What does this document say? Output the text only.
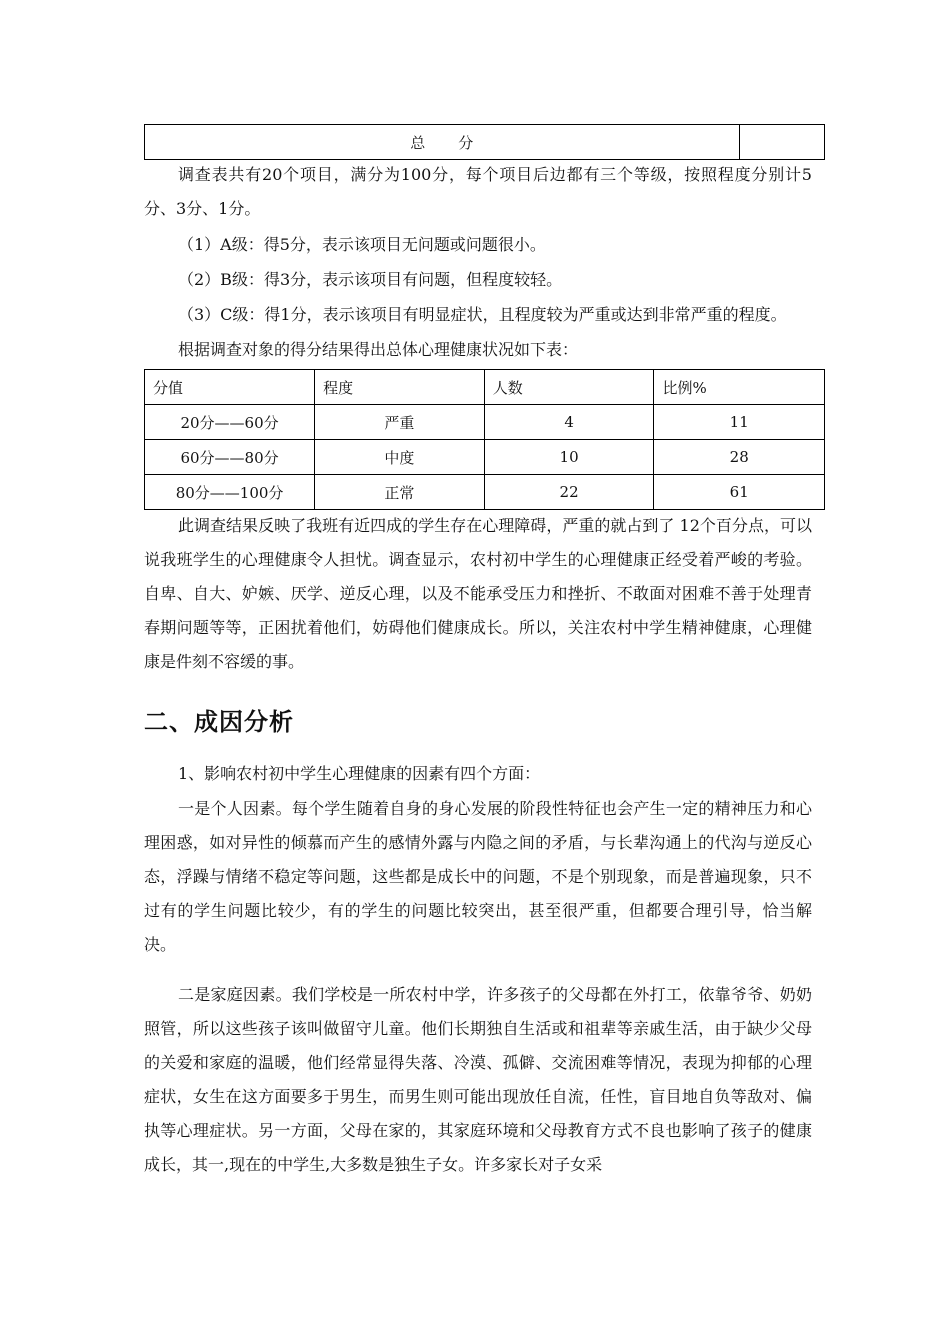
总　　分	

调查表共有20个项目，满分为100分，每个项目后边都有三个等级，按照程度分别计5分、3分、1分。

（1）A级：得5分，表示该项目无问题或问题很小。

（2）B级：得3分，表示该项目有问题，但程度较轻。

（3）C级：得1分，表示该项目有明显症状，且程度较为严重或达到非常严重的程度。

根据调查对象的得分结果得出总体心理健康状况如下表：

分值	程度	人数	比例%
20分——60分	严重	4	11
60分——80分	中度	10	28
80分——100分	正常	22	61

此调查结果反映了我班有近四成的学生存在心理障碍，严重的就占到了 12个百分点，可以说我班学生的心理健康令人担忧。调查显示，农村初中学生的心理健康正经受着严峻的考验。自卑、自大、妒嫉、厌学、逆反心理，以及不能承受压力和挫折、不敢面对困难不善于处理青春期问题等等，正困扰着他们，妨碍他们健康成长。所以，关注农村中学生精神健康，心理健康是件刻不容缓的事。

二、成因分析

1、影响农村初中学生心理健康的因素有四个方面：

一是个人因素。每个学生随着自身的身心发展的阶段性特征也会产生一定的精神压力和心理困惑，如对异性的倾慕而产生的感情外露与内隐之间的矛盾，与长辈沟通上的代沟与逆反心态，浮躁与情绪不稳定等问题，这些都是成长中的问题，不是个别现象，而是普遍现象，只不过有的学生问题比较少，有的学生的问题比较突出，甚至很严重，但都要合理引导，恰当解决。

二是家庭因素。我们学校是一所农村中学，许多孩子的父母都在外打工，依靠爷爷、奶奶照管，所以这些孩子该叫做留守儿童。他们长期独自生活或和祖辈等亲戚生活，由于缺少父母的关爱和家庭的温暖，他们经常显得失落、冷漠、孤僻、交流困难等情况，表现为抑郁的心理症状，女生在这方面要多于男生，而男生则可能出现放任自流，任性，盲目地自负等敌对、偏执等心理症状。另一方面，父母在家的，其家庭环境和父母教育方式不良也影响了孩子的健康成长，其一,现在的中学生,大多数是独生子女。许多家长对子女采
